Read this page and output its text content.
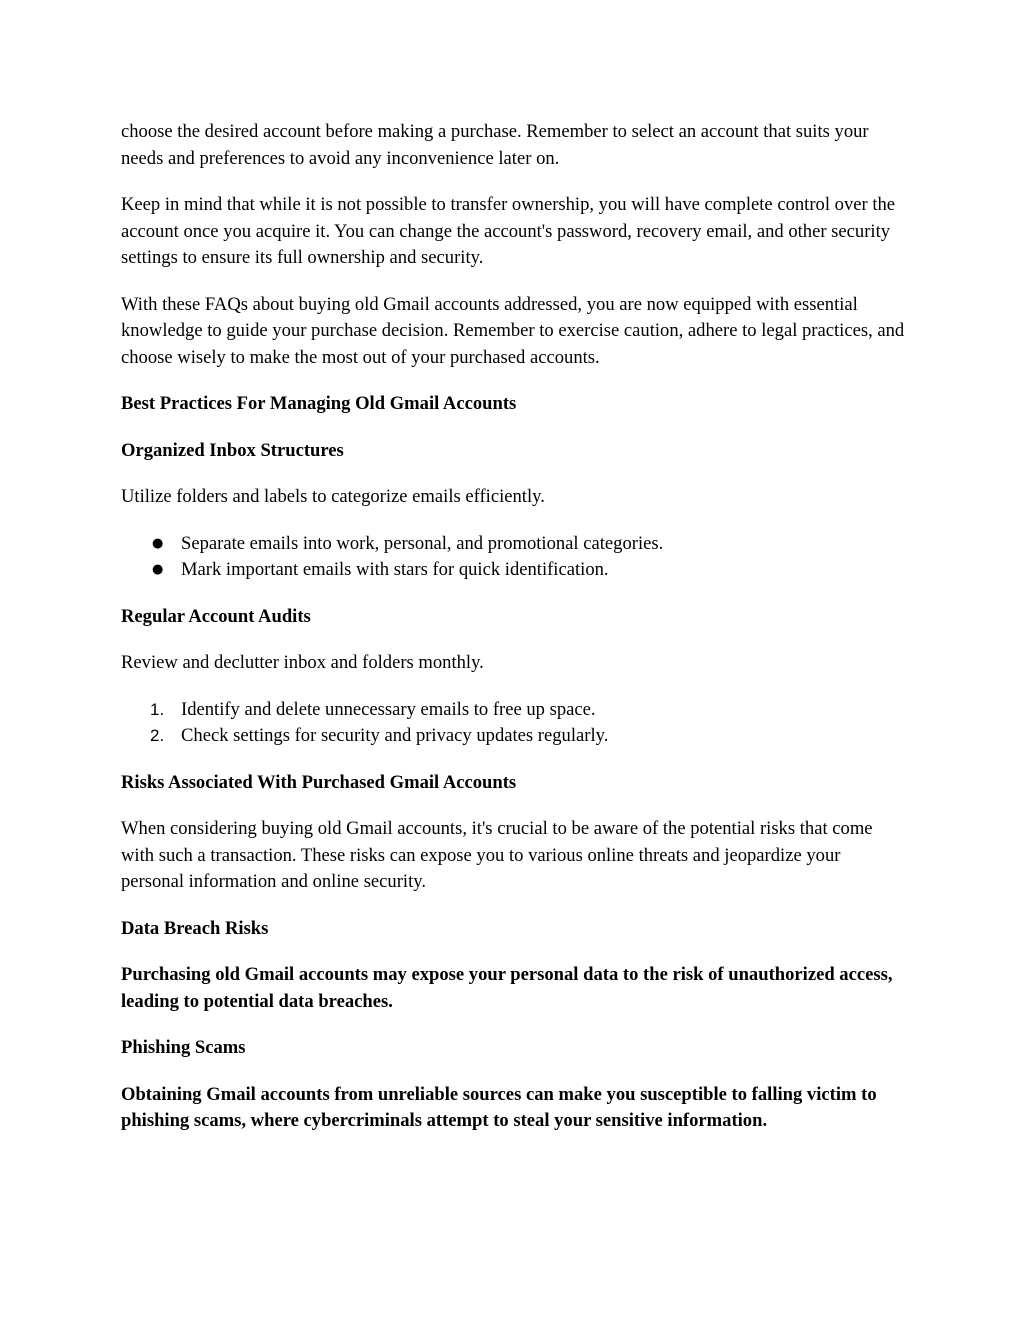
choose the desired account before making a purchase. Remember to select an account that suits your needs and preferences to avoid any inconvenience later on.

Keep in mind that while it is not possible to transfer ownership, you will have complete control over the account once you acquire it. You can change the account's password, recovery email, and other security settings to ensure its full ownership and security.

With these FAQs about buying old Gmail accounts addressed, you are now equipped with essential knowledge to guide your purchase decision. Remember to exercise caution, adhere to legal practices, and choose wisely to make the most out of your purchased accounts.

Best Practices For Managing Old Gmail Accounts

Organized Inbox Structures

Utilize folders and labels to categorize emails efficiently.

● Separate emails into work, personal, and promotional categories.
● Mark important emails with stars for quick identification.

Regular Account Audits

Review and declutter inbox and folders monthly.

1. Identify and delete unnecessary emails to free up space.
2. Check settings for security and privacy updates regularly.

Risks Associated With Purchased Gmail Accounts

When considering buying old Gmail accounts, it's crucial to be aware of the potential risks that come with such a transaction. These risks can expose you to various online threats and jeopardize your personal information and online security.

Data Breach Risks

Purchasing old Gmail accounts may expose your personal data to the risk of unauthorized access, leading to potential data breaches.

Phishing Scams

Obtaining Gmail accounts from unreliable sources can make you susceptible to falling victim to phishing scams, where cybercriminals attempt to steal your sensitive information.
